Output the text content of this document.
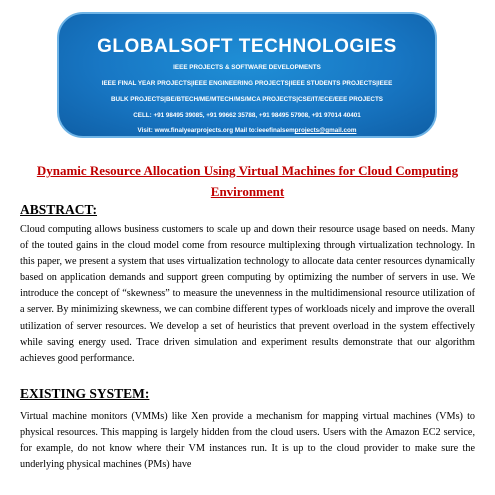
GLOBALSOFT TECHNOLOGIES
IEEE PROJECTS & SOFTWARE DEVELOPMENTS
IEEE FINAL YEAR PROJECTS|IEEE ENGINEERING PROJECTS|IEEE STUDENTS PROJECTS|IEEE
BULK PROJECTS|BE/BTECH/ME/MTECH/MS/MCA PROJECTS|CSE/IT/ECE/EEE PROJECTS
CELL: +91 98495 39085, +91 99662 35788, +91 98495 57908, +91 97014 40401
Visit: www.finalyearprojects.org Mail to:ieeefinalsemprojects@gmail.com
Dynamic Resource Allocation Using Virtual Machines for Cloud Computing Environment
ABSTRACT:
Cloud computing allows business customers to scale up and down their resource usage based on needs. Many of the touted gains in the cloud model come from resource multiplexing through virtualization technology. In this paper, we present a system that uses virtualization technology to allocate data center resources dynamically based on application demands and support green computing by optimizing the number of servers in use. We introduce the concept of “skewness” to measure the unevenness in the multidimensional resource utilization of a server. By minimizing skewness, we can combine different types of workloads nicely and improve the overall utilization of server resources. We develop a set of heuristics that prevent overload in the system effectively while saving energy used. Trace driven simulation and experiment results demonstrate that our algorithm achieves good performance.
EXISTING SYSTEM:
Virtual machine monitors (VMMs) like Xen provide a mechanism for mapping virtual machines (VMs) to physical resources. This mapping is largely hidden from the cloud users. Users with the Amazon EC2 service, for example, do not know where their VM instances run. It is up to the cloud provider to make sure the underlying physical machines (PMs) have
